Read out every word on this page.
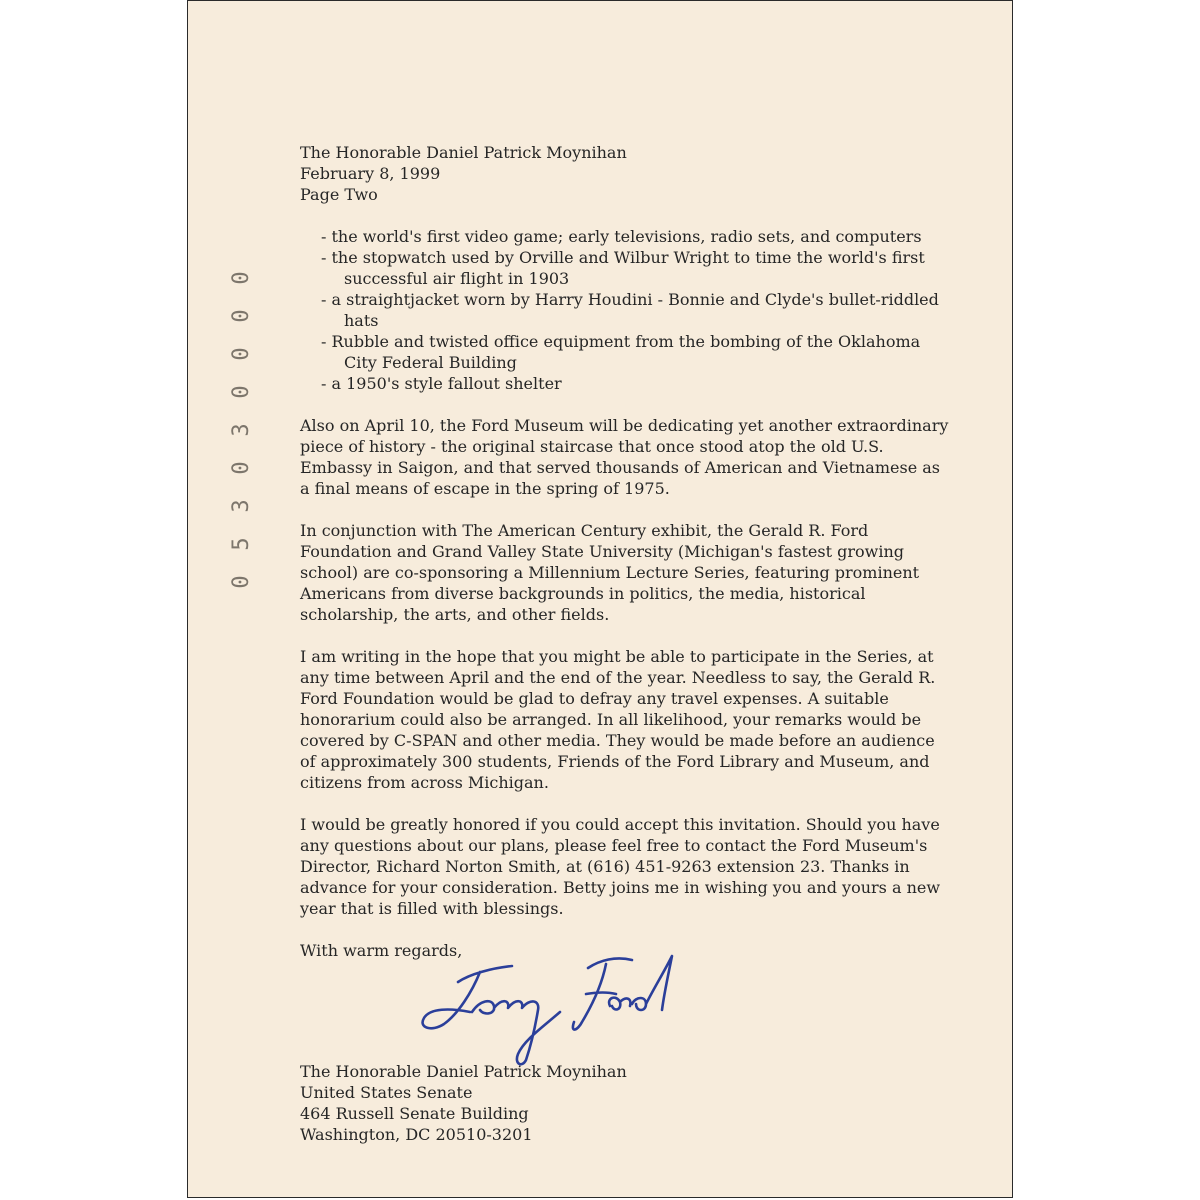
0
5
3
0
3
0
0
0
0
The Honorable Daniel Patrick Moynihan
February 8, 1999
Page Two
- the world's first video game; early televisions, radio sets, and computers
- the stopwatch used by Orville and Wilbur Wright to time the world's first
successful air flight in 1903
- a straightjacket worn by Harry Houdini - Bonnie and Clyde's bullet-riddled
hats
- Rubble and twisted office equipment from the bombing of the Oklahoma
City Federal Building
- a 1950's style fallout shelter
Also on April 10, the Ford Museum will be dedicating yet another extraordinary
piece of history - the original staircase that once stood atop the old U.S.
Embassy in Saigon, and that served thousands of American and Vietnamese as
a final means of escape in the spring of 1975.
In conjunction with The American Century exhibit, the Gerald R. Ford
Foundation and Grand Valley State University (Michigan's fastest growing
school) are co-sponsoring a Millennium Lecture Series, featuring prominent
Americans from diverse backgrounds in politics, the media, historical
scholarship, the arts, and other fields.
I am writing in the hope that you might be able to participate in the Series, at
any time between April and the end of the year. Needless to say, the Gerald R.
Ford Foundation would be glad to defray any travel expenses. A suitable
honorarium could also be arranged. In all likelihood, your remarks would be
covered by C-SPAN and other media. They would be made before an audience
of approximately 300 students, Friends of the Ford Library and Museum, and
citizens from across Michigan.
I would be greatly honored if you could accept this invitation. Should you have
any questions about our plans, please feel free to contact the Ford Museum's
Director, Richard Norton Smith, at (616) 451-9263 extension 23. Thanks in
advance for your consideration. Betty joins me in wishing you and yours a new
year that is filled with blessings.
With warm regards,
Jerry Ford
The Honorable Daniel Patrick Moynihan
United States Senate
464 Russell Senate Building
Washington, DC 20510-3201
